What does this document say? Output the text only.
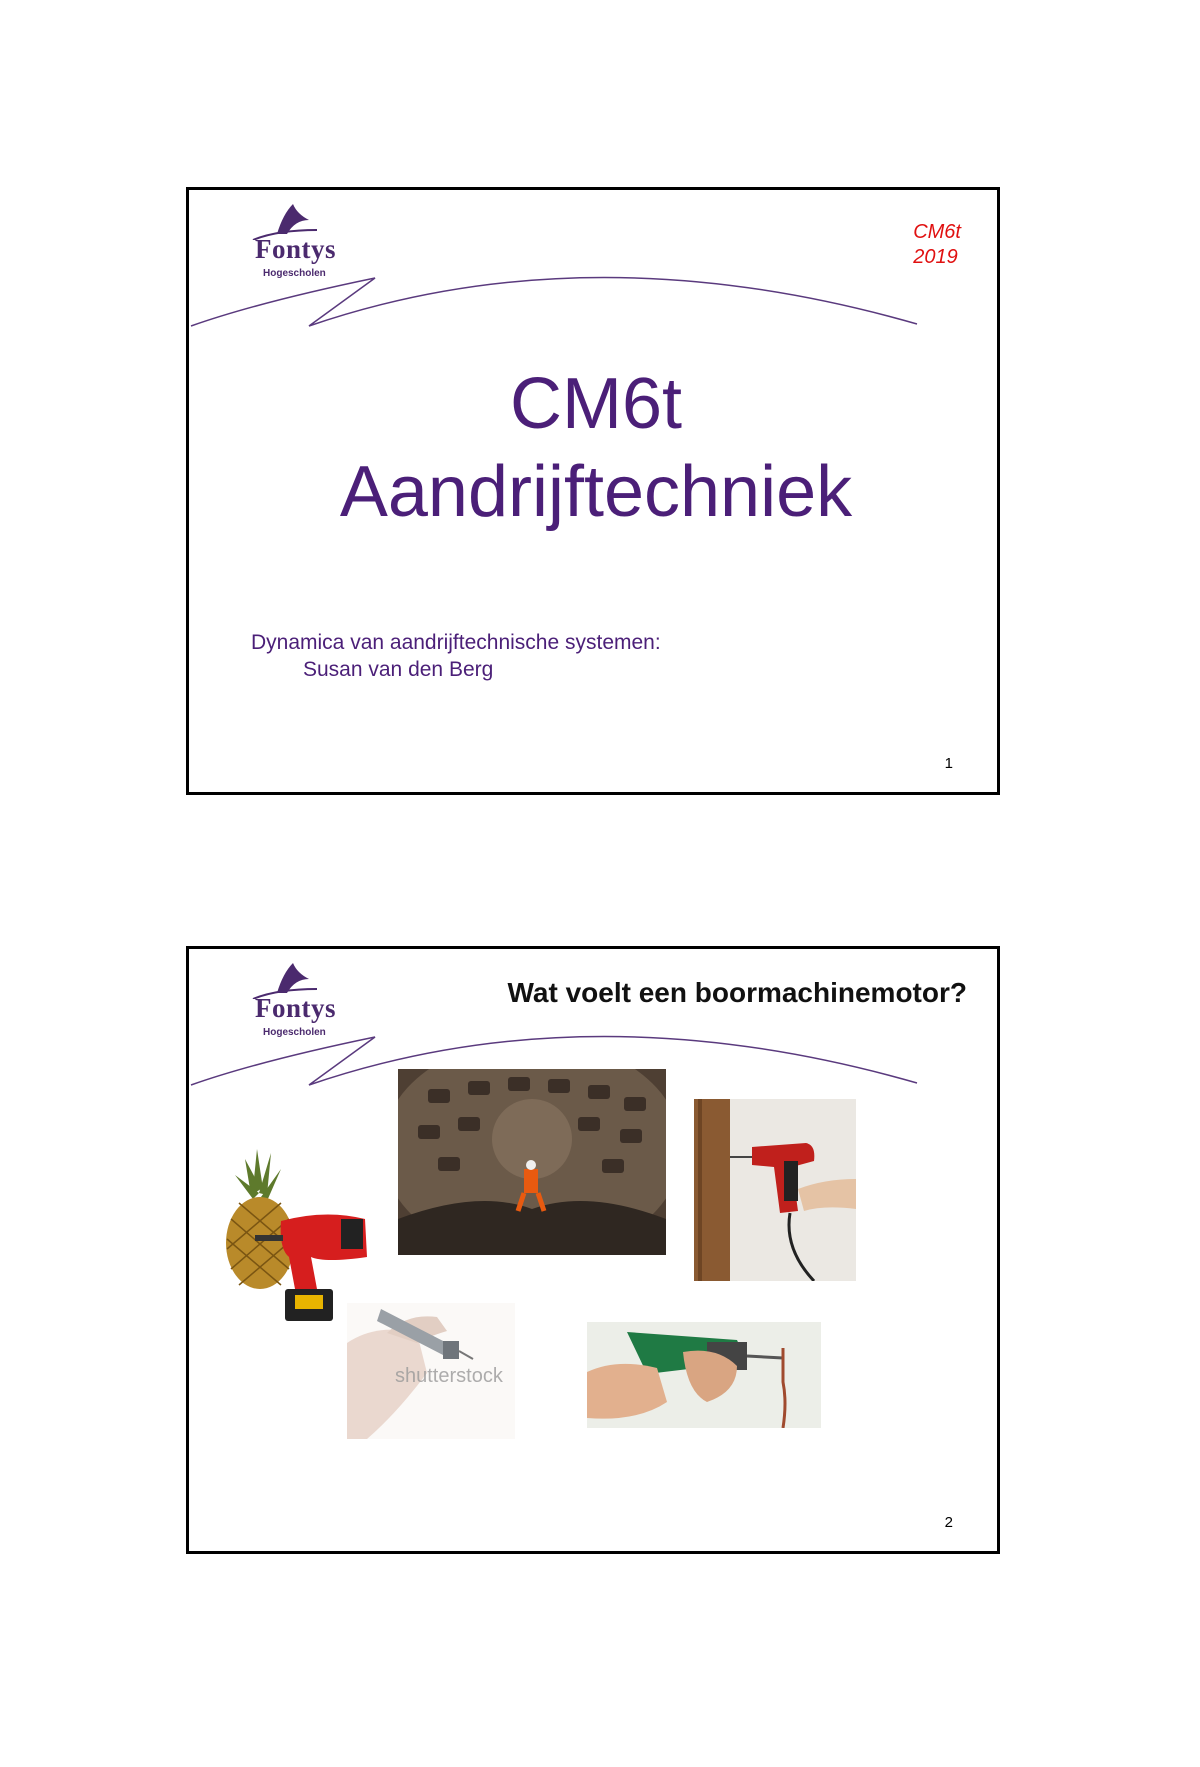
Fontys
Hogescholen
CM6t
2019
CM6t
Aandrijftechniek
Dynamica van aandrijftechnische systemen:
Susan van den Berg
1
Fontys
Hogescholen
Wat voelt een boormachinemotor?
shutterstock
2
